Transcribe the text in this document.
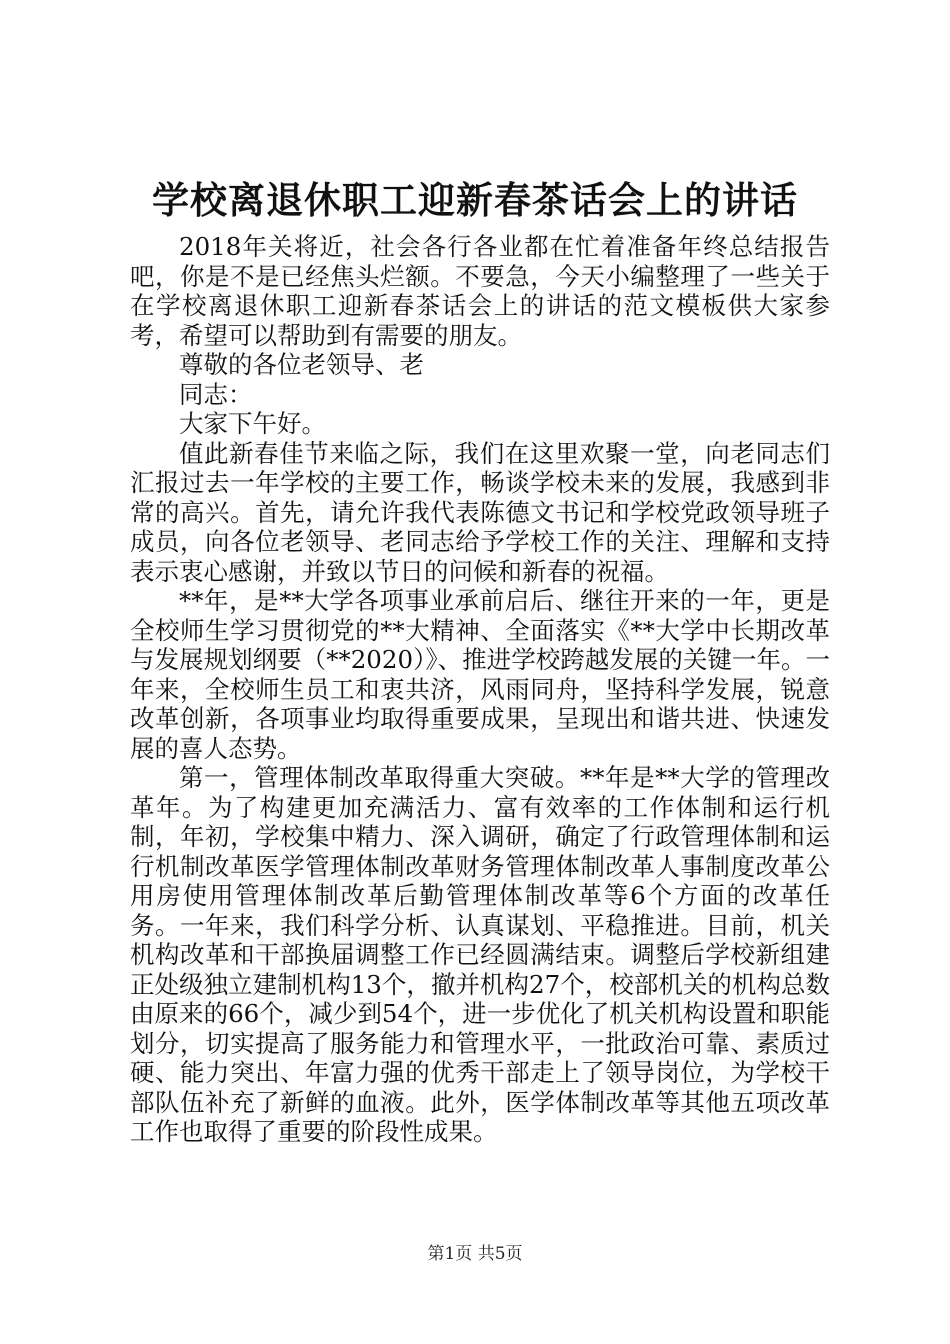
学校离退休职工迎新春茶话会上的讲话

2018年关将近，社会各行各业都在忙着准备年终总结报告吧，你是不是已经焦头烂额。不要急，今天小编整理了一些关于在学校离退休职工迎新春茶话会上的讲话的范文模板供大家参考，希望可以帮助到有需要的朋友。

尊敬的各位老领导、老

同志：

大家下午好。

值此新春佳节来临之际，我们在这里欢聚一堂，向老同志们汇报过去一年学校的主要工作，畅谈学校未来的发展，我感到非常的高兴。首先，请允许我代表陈德文书记和学校党政领导班子成员，向各位老领导、老同志给予学校工作的关注、理解和支持表示衷心感谢，并致以节日的问候和新春的祝福。

**年，是**大学各项事业承前启后、继往开来的一年，更是全校师生学习贯彻党的**大精神、全面落实《**大学中长期改革与发展规划纲要（**2020）》、推进学校跨越发展的关键一年。一年来，全校师生员工和衷共济，风雨同舟，坚持科学发展，锐意改革创新，各项事业均取得重要成果，呈现出和谐共进、快速发展的喜人态势。

第一，管理体制改革取得重大突破。**年是**大学的管理改革年。为了构建更加充满活力、富有效率的工作体制和运行机制，年初，学校集中精力、深入调研，确定了行政管理体制和运行机制改革医学管理体制改革财务管理体制改革人事制度改革公用房使用管理体制改革后勤管理体制改革等6个方面的改革任务。一年来，我们科学分析、认真谋划、平稳推进。目前，机关机构改革和干部换届调整工作已经圆满结束。调整后学校新组建正处级独立建制机构13个，撤并机构27个，校部机关的机构总数由原来的66个，减少到54个，进一步优化了机关机构设置和职能划分，切实提高了服务能力和管理水平，一批政治可靠、素质过硬、能力突出、年富力强的优秀干部走上了领导岗位，为学校干部队伍补充了新鲜的血液。此外，医学体制改革等其他五项改革工作也取得了重要的阶段性成果。

第1页 共5页
